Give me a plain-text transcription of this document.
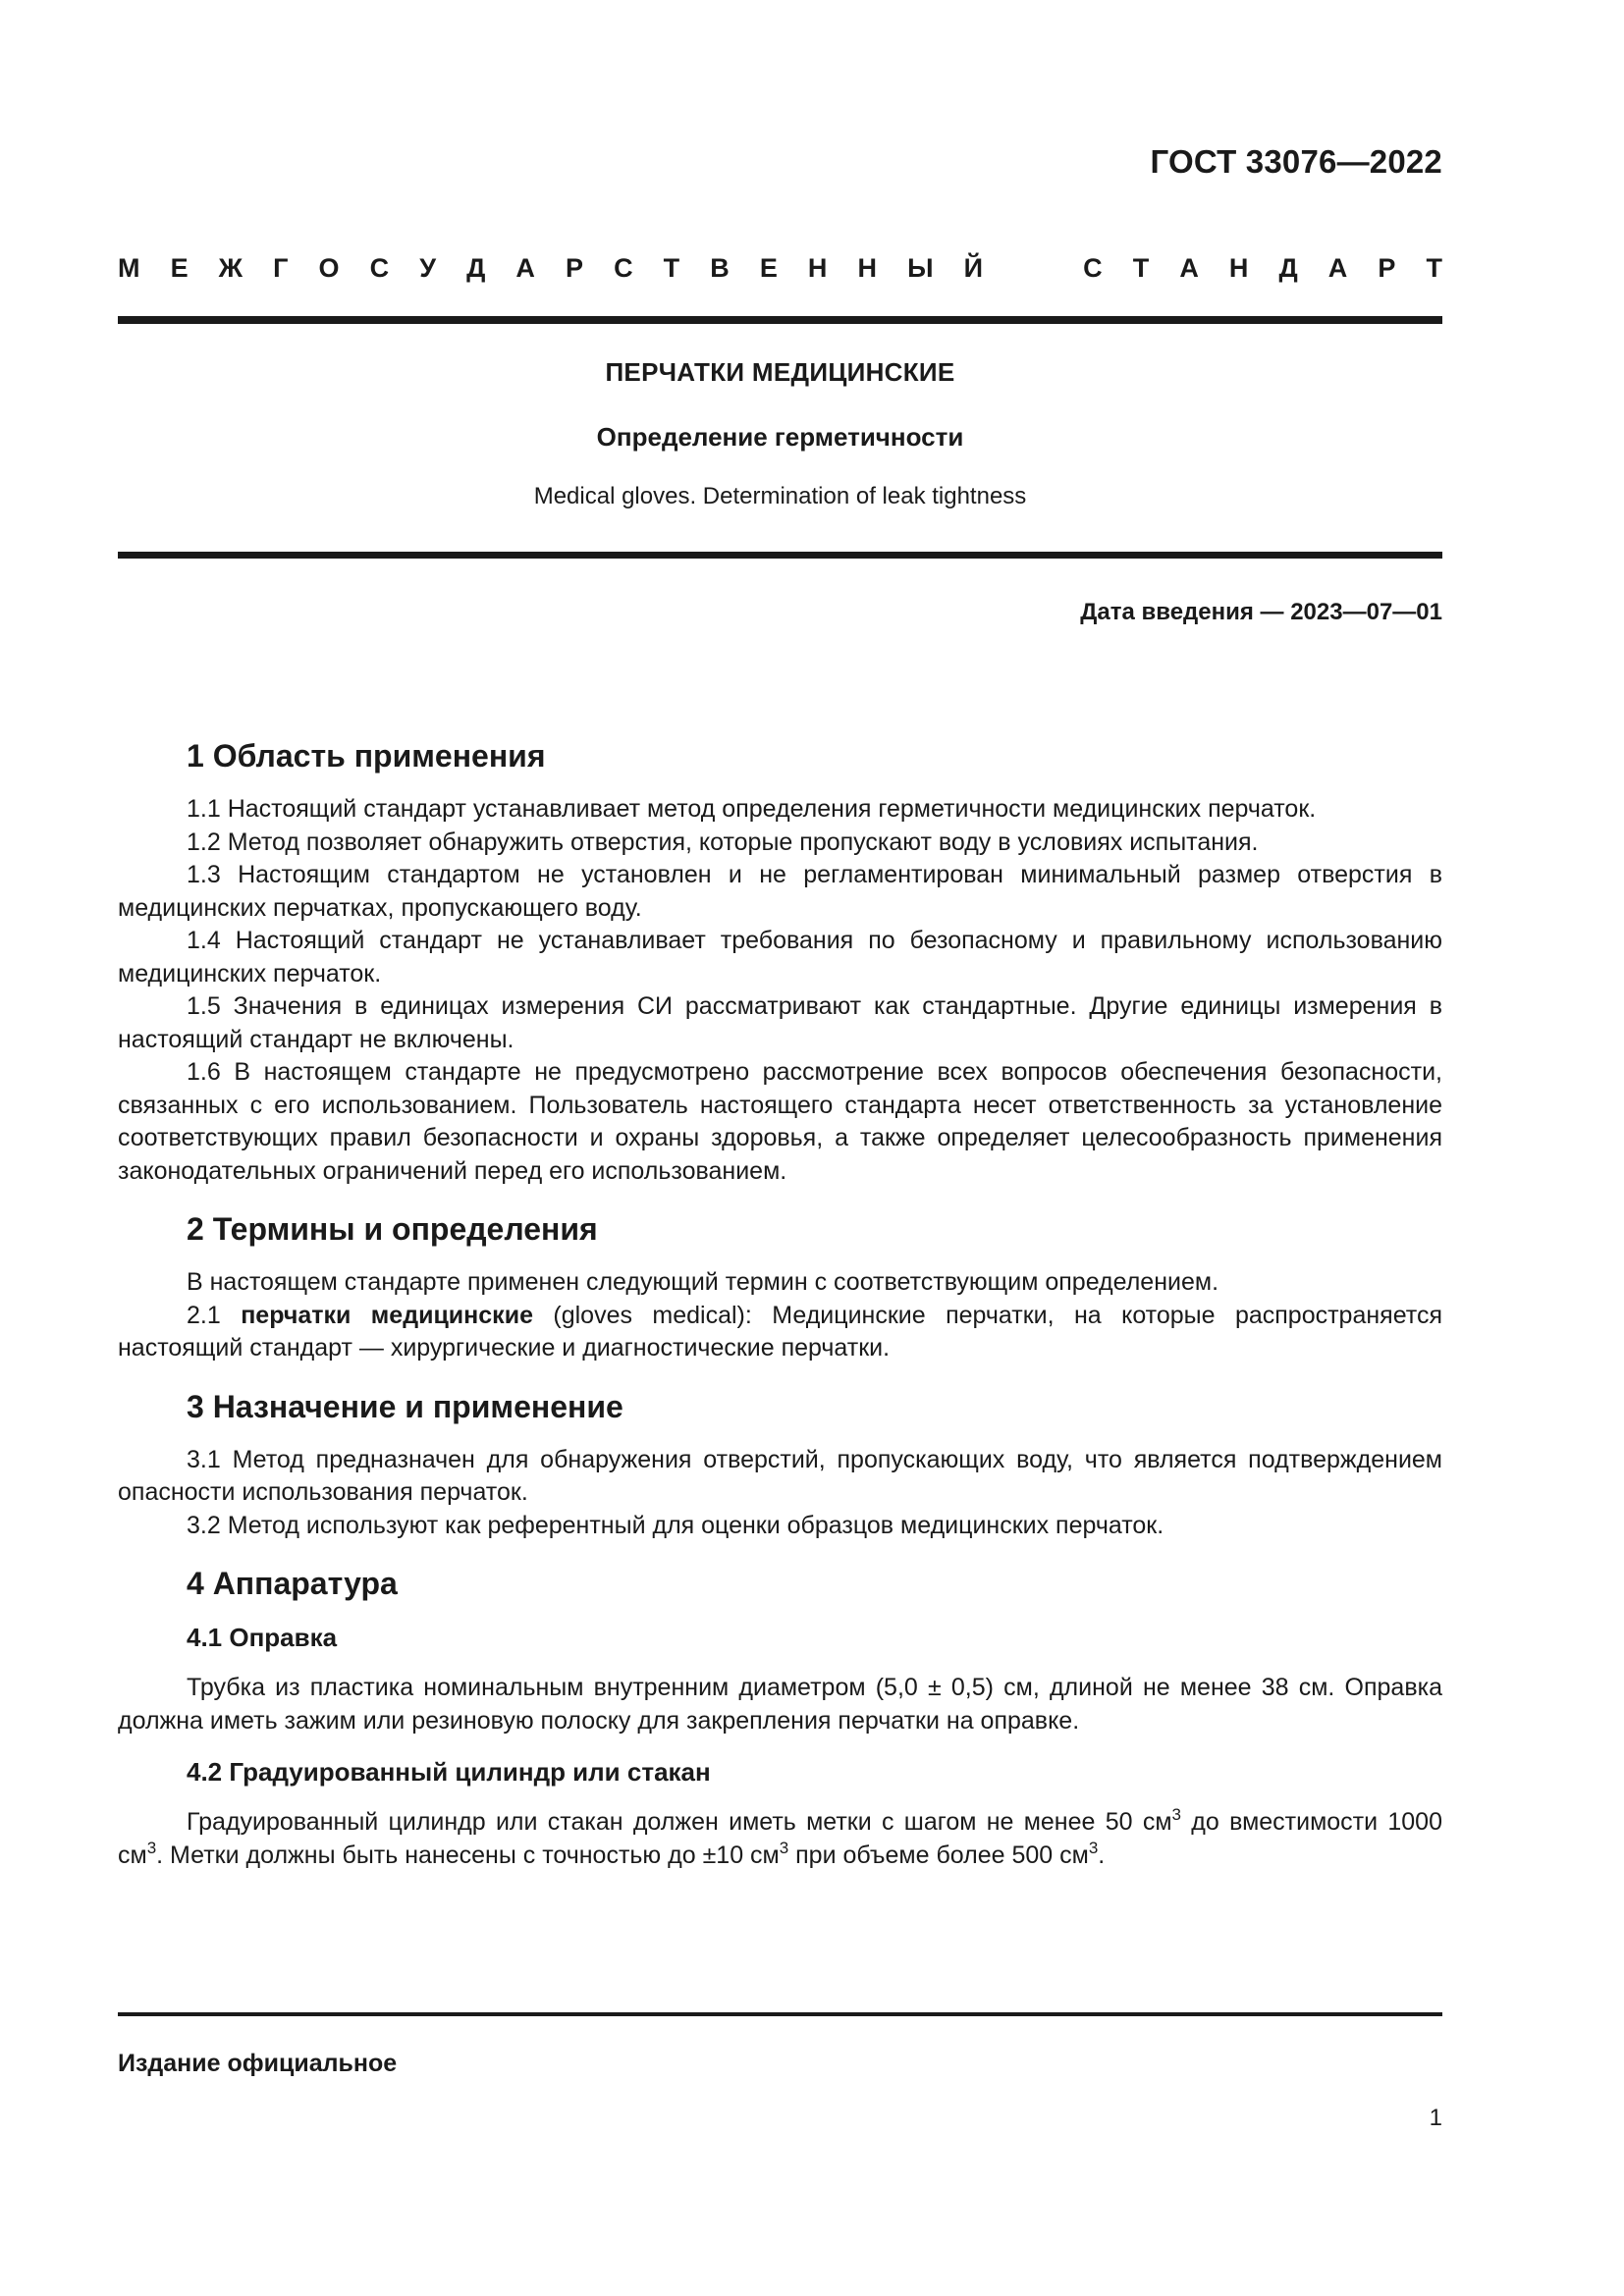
ГОСТ 33076—2022
М Е Ж Г О С У Д А Р С Т В Е Н Н Ы Й	С Т А Н Д А Р Т
ПЕРЧАТКИ МЕДИЦИНСКИЕ
Определение герметичности
Medical gloves. Determination of leak tightness
Дата введения — 2023—07—01
1 Область применения

1.1 Настоящий стандарт устанавливает метод определения герметичности медицинских перчаток.

1.2 Метод позволяет обнаружить отверстия, которые пропускают воду в условиях испытания.

1.3 Настоящим стандартом не установлен и не регламентирован минимальный размер отверстия в медицинских перчатках, пропускающего воду.

1.4 Настоящий стандарт не устанавливает требования по безопасному и правильному использованию медицинских перчаток.

1.5 Значения в единицах измерения СИ рассматривают как стандартные. Другие единицы измерения в настоящий стандарт не включены.

1.6 В настоящем стандарте не предусмотрено рассмотрение всех вопросов обеспечения безопасности, связанных с его использованием. Пользователь настоящего стандарта несет ответственность за установление соответствующих правил безопасности и охраны здоровья, а также определяет целесообразность применения законодательных ограничений перед его использованием.

2 Термины и определения

В настоящем стандарте применен следующий термин с соответствующим определением.

2.1 перчатки медицинские (gloves medical): Медицинские перчатки, на которые распространяется настоящий стандарт — хирургические и диагностические перчатки.

3 Назначение и применение

3.1 Метод предназначен для обнаружения отверстий, пропускающих воду, что является подтверждением опасности использования перчаток.

3.2 Метод используют как референтный для оценки образцов медицинских перчаток.

4 Аппаратура
4.1 Оправка

Трубка из пластика номинальным внутренним диаметром (5,0 ± 0,5) см, длиной не менее 38 см. Оправка должна иметь зажим или резиновую полоску для закрепления перчатки на оправке.

4.2 Градуированный цилиндр или стакан

Градуированный цилиндр или стакан должен иметь метки с шагом не менее 50 $см^3$ до вместимости 1000 $см^3$. Метки должны быть нанесены с точностью до ±10 $см^3$ при объеме более 500 $см^3$.

Издание официальное
1
